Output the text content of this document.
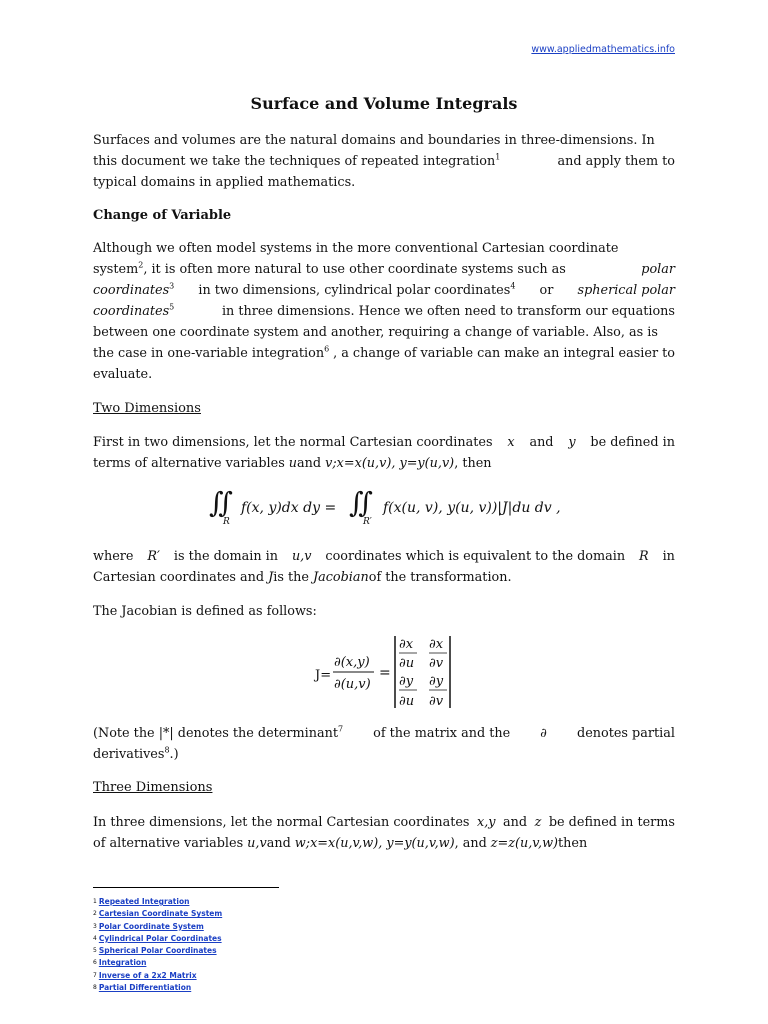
www.appliedmathematics.info
Surface and Volume Integrals
Surfaces and volumes are the natural domains and boundaries in three-dimensions. In
this document we take the techniques of repeated integration$^1$	and apply them to
typical domains in applied mathematics.
Change of Variable
Although we often model systems in the more conventional Cartesian coordinate
system$^2$, it is often more natural to use other coordinate systems such as	polar
coordinates$^3$ in two dimensions, cylindrical polar coordinates$^4$ or spherical polar
coordinates$^5$	in three dimensions. Hence we often need to transform our equations
between one coordinate system and another, requiring a change of variable. Also, as is
the case in one-variable integration$^6$ , a change of variable can make an integral easier to
evaluate.
Two Dimensions
First in two dimensions, let the normal Cartesian coordinates x and y be defined in
terms of alternative variables u and v; x=x(u,v), y=y(u,v), then
∬
R
f(x, y)dx dy = ∬
R′
f(x(u, v), y(u, v))|J|du dv ,
where R′ is the domain in u,v coordinates which is equivalent to the domain R in
Cartesian coordinates and J is the Jacobian of the transformation.
The Jacobian is defined as follows:
J=
∂(x,y)
∂(u,v)
=
∂x
∂u
∂x
∂v
∂y
∂u
∂y
∂v
(Note the |*| denotes the determinant$^7$ of the matrix and the ∂ denotes partial
derivatives$^8$.)
Three Dimensions
In three dimensions, let the normal Cartesian coordinates x,y and z be defined in terms
of alternative variables u,v and w; x=x(u,v,w), y=y(u,v,w), and z=z(u,v,w) then
$^1$ Repeated Integration
$^2$ Cartesian Coordinate System
$^3$ Polar Coordinate System
$^4$ Cylindrical Polar Coordinates
$^5$ Spherical Polar Coordinates
$^6$ Integration
$^7$ Inverse of a 2x2 Matrix
$^8$ Partial Differentiation
